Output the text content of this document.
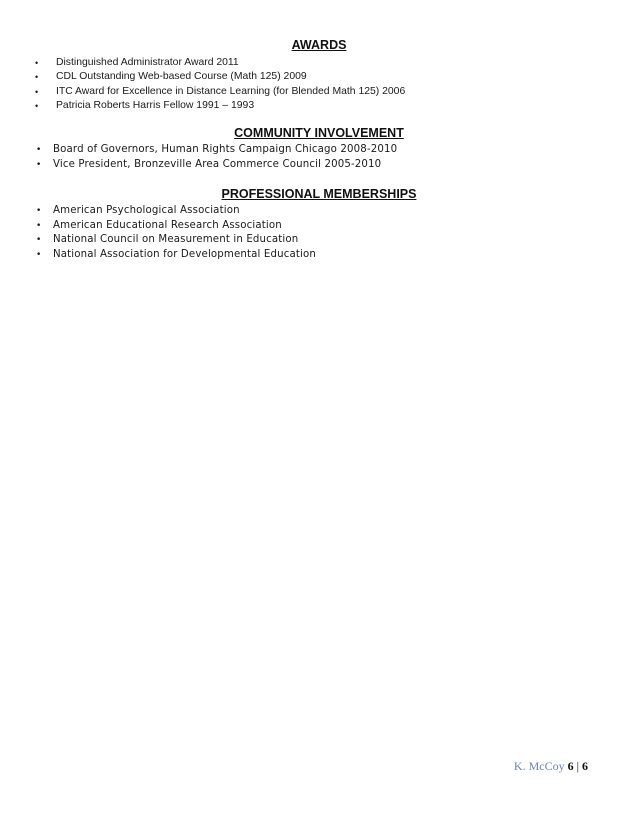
AWARDS
• Distinguished Administrator Award 2011
• CDL Outstanding Web-based Course (Math 125) 2009
• ITC Award for Excellence in Distance Learning (for Blended Math 125) 2006
• Patricia Roberts Harris Fellow 1991 – 1993
COMMUNITY INVOLVEMENT
• Board of Governors, Human Rights Campaign Chicago 2008-2010
• Vice President, Bronzeville Area Commerce Council 2005-2010
PROFESSIONAL MEMBERSHIPS
• American Psychological Association
• American Educational Research Association
• National Council on Measurement in Education
• National Association for Developmental Education
K. McCoy 6 | 6
